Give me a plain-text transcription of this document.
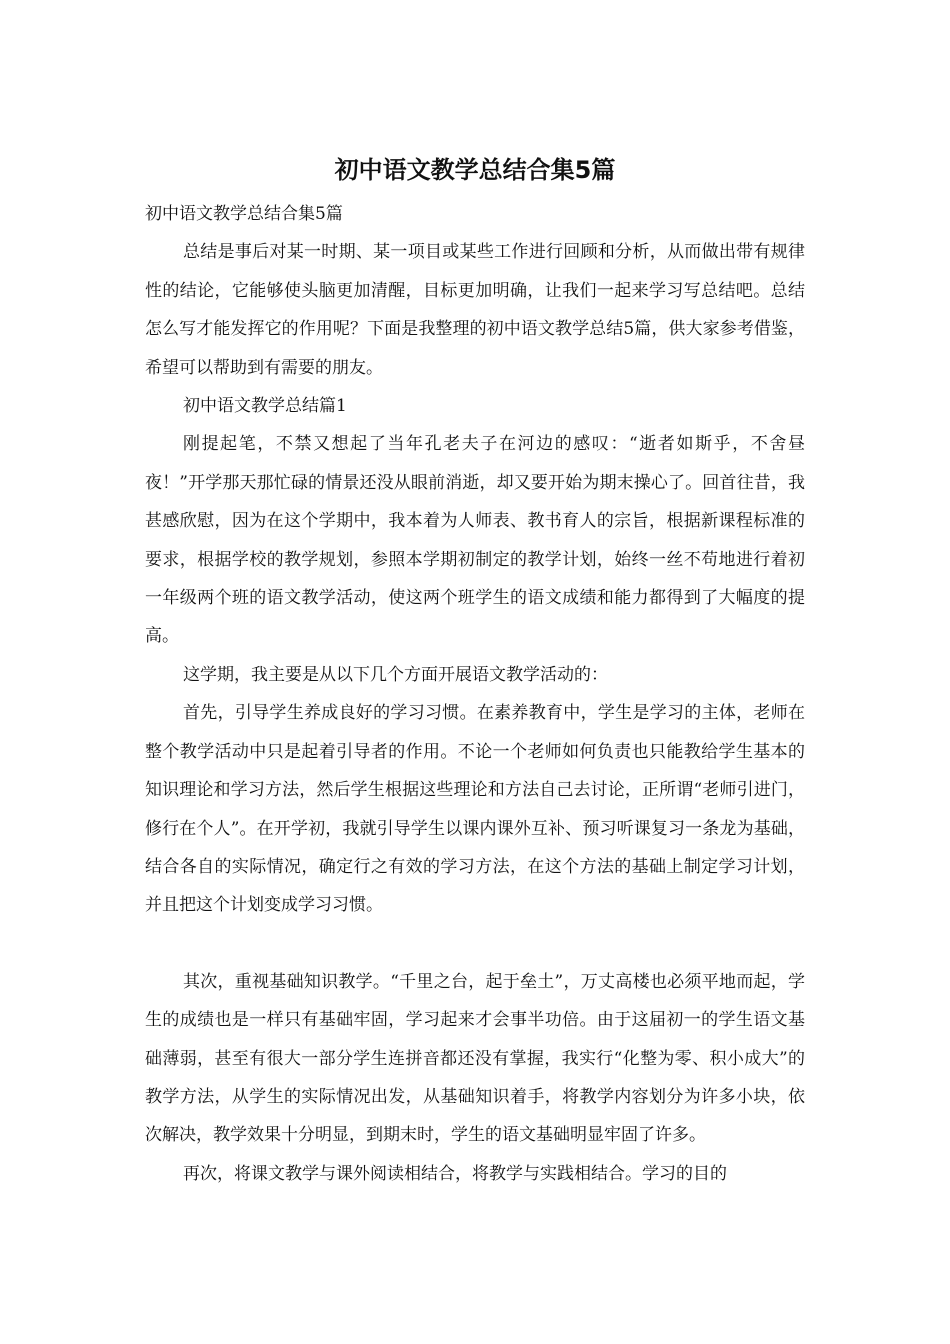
初中语文教学总结合集5篇

初中语文教学总结合集5篇

总结是事后对某一时期、某一项目或某些工作进行回顾和分析，从而做出带有规律性的结论，它能够使头脑更加清醒，目标更加明确，让我们一起来学习写总结吧。总结怎么写才能发挥它的作用呢？下面是我整理的初中语文教学总结5篇，供大家参考借鉴，希望可以帮助到有需要的朋友。

初中语文教学总结篇1

刚提起笔，不禁又想起了当年孔老夫子在河边的感叹：“逝者如斯乎，不舍昼夜！”开学那天那忙碌的情景还没从眼前消逝，却又要开始为期末操心了。回首往昔，我甚感欣慰，因为在这个学期中，我本着为人师表、教书育人的宗旨，根据新课程标准的要求，根据学校的教学规划，参照本学期初制定的教学计划，始终一丝不苟地进行着初一年级两个班的语文教学活动，使这两个班学生的语文成绩和能力都得到了大幅度的提高。

这学期，我主要是从以下几个方面开展语文教学活动的：

首先，引导学生养成良好的学习习惯。在素养教育中，学生是学习的主体，老师在整个教学活动中只是起着引导者的作用。不论一个老师如何负责也只能教给学生基本的知识理论和学习方法，然后学生根据这些理论和方法自己去讨论，正所谓“老师引进门，修行在个人”。在开学初，我就引导学生以课内课外互补、预习听课复习一条龙为基础，结合各自的实际情况，确定行之有效的学习方法，在这个方法的基础上制定学习计划，并且把这个计划变成学习习惯。

其次，重视基础知识教学。“千里之台，起于垒土”，万丈高楼也必须平地而起，学生的成绩也是一样只有基础牢固，学习起来才会事半功倍。由于这届初一的学生语文基础薄弱，甚至有很大一部分学生连拼音都还没有掌握，我实行“化整为零、积小成大”的教学方法，从学生的实际情况出发，从基础知识着手，将教学内容划分为许多小块，依次解决，教学效果十分明显，到期末时，学生的语文基础明显牢固了许多。

再次，将课文教学与课外阅读相结合，将教学与实践相结合。学习的目的
